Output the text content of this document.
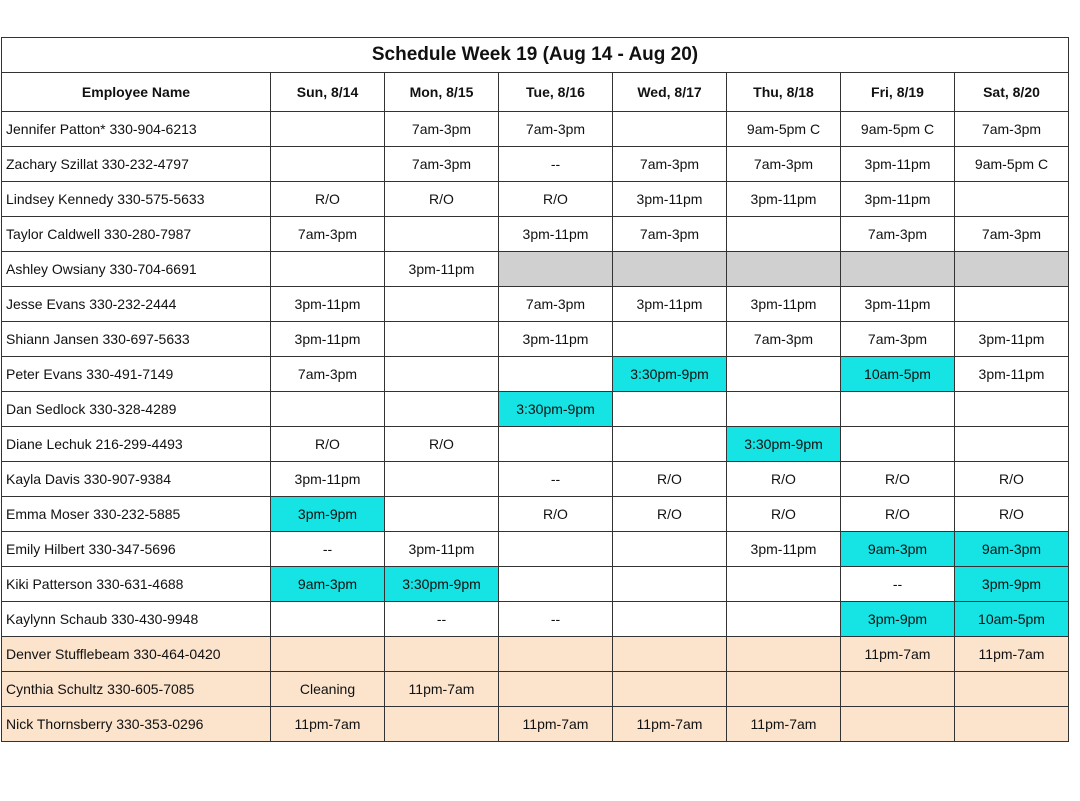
Schedule Week 19 (Aug 14 - Aug 20)							
Employee Name	Sun, 8/14	Mon, 8/15	Tue, 8/16	Wed, 8/17	Thu, 8/18	Fri, 8/19	Sat, 8/20
Jennifer Patton* 330-904-6213		7am-3pm	7am-3pm		9am-5pm C	9am-5pm C	7am-3pm
Zachary Szillat 330-232-4797		7am-3pm	--	7am-3pm	7am-3pm	3pm-11pm	9am-5pm C
Lindsey Kennedy 330-575-5633	R/O	R/O	R/O	3pm-11pm	3pm-11pm	3pm-11pm	
Taylor Caldwell 330-280-7987	7am-3pm		3pm-11pm	7am-3pm		7am-3pm	7am-3pm
Ashley Owsiany 330-704-6691		3pm-11pm					
Jesse Evans 330-232-2444	3pm-11pm		7am-3pm	3pm-11pm	3pm-11pm	3pm-11pm	
Shiann Jansen 330-697-5633	3pm-11pm		3pm-11pm		7am-3pm	7am-3pm	3pm-11pm
Peter Evans 330-491-7149	7am-3pm			3:30pm-9pm		10am-5pm	3pm-11pm
Dan Sedlock 330-328-4289			3:30pm-9pm				
Diane Lechuk 216-299-4493	R/O	R/O			3:30pm-9pm		
Kayla Davis 330-907-9384	3pm-11pm		--	R/O	R/O	R/O	R/O
Emma Moser 330-232-5885	3pm-9pm		R/O	R/O	R/O	R/O	R/O
Emily Hilbert 330-347-5696	--	3pm-11pm			3pm-11pm	9am-3pm	9am-3pm
Kiki Patterson 330-631-4688	9am-3pm	3:30pm-9pm				--	3pm-9pm
Kaylynn Schaub 330-430-9948		--	--			3pm-9pm	10am-5pm
Denver Stufflebeam 330-464-0420						11pm-7am	11pm-7am
Cynthia Schultz 330-605-7085	Cleaning	11pm-7am					
Nick Thornsberry 330-353-0296	11pm-7am		11pm-7am	11pm-7am	11pm-7am		
